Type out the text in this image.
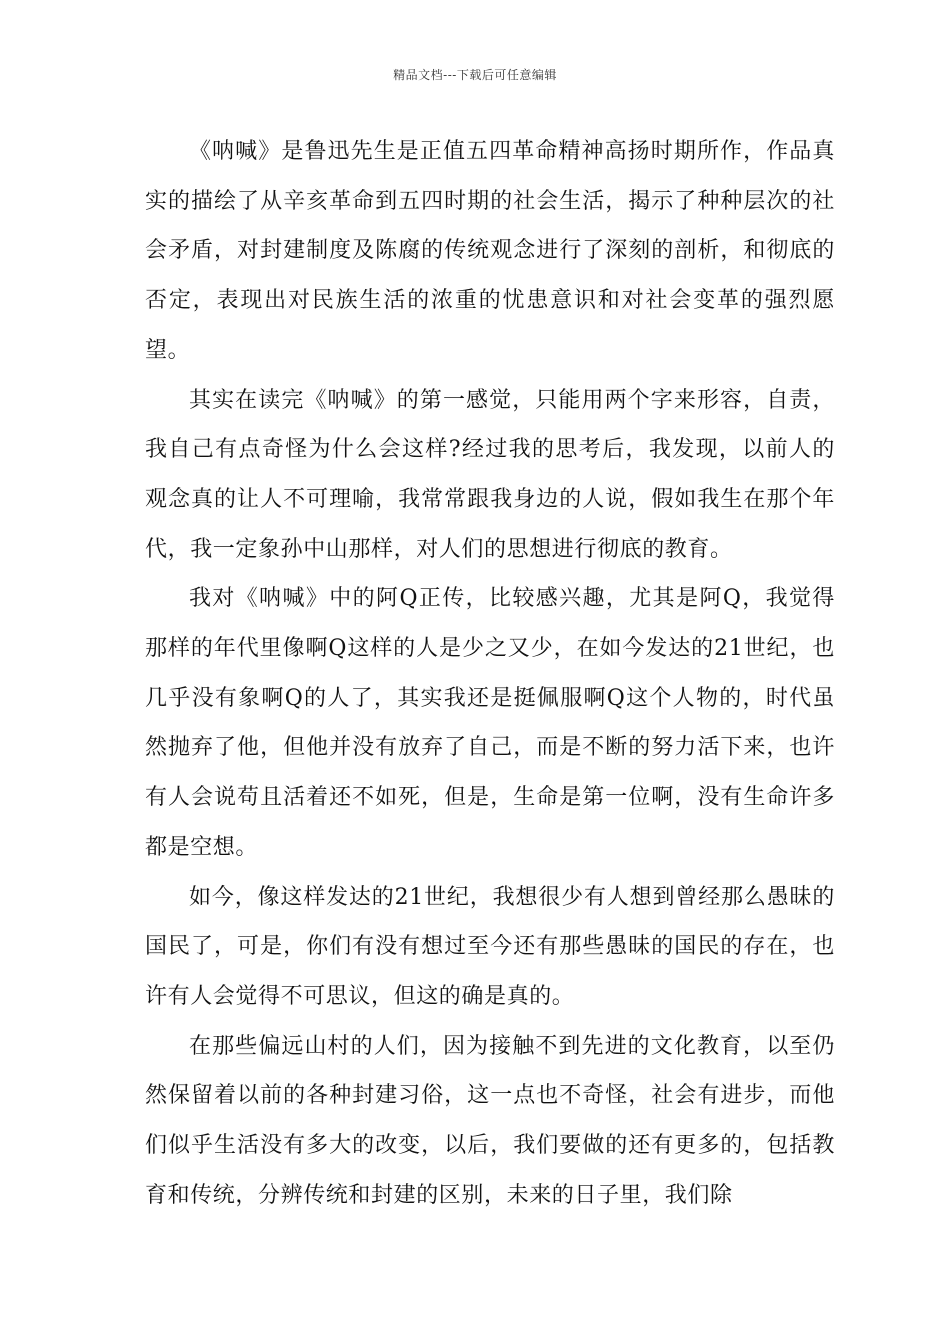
精品文档---下载后可任意编辑

《呐喊》是鲁迅先生是正值五四革命精神高扬时期所作，作品真实的描绘了从辛亥革命到五四时期的社会生活，揭示了种种层次的社会矛盾，对封建制度及陈腐的传统观念进行了深刻的剖析，和彻底的否定，表现出对民族生活的浓重的忧患意识和对社会变革的强烈愿望。

其实在读完《呐喊》的第一感觉，只能用两个字来形容，自责，我自己有点奇怪为什么会这样?经过我的思考后，我发现，以前人的观念真的让人不可理喻，我常常跟我身边的人说，假如我生在那个年代，我一定象孙中山那样，对人们的思想进行彻底的教育。

我对《呐喊》中的阿Q正传，比较感兴趣，尤其是阿Q，我觉得那样的年代里像啊Q这样的人是少之又少，在如今发达的21世纪，也几乎没有象啊Q的人了，其实我还是挺佩服啊Q这个人物的，时代虽然抛弃了他，但他并没有放弃了自己，而是不断的努力活下来，也许有人会说苟且活着还不如死，但是，生命是第一位啊，没有生命许多都是空想。

如今，像这样发达的21世纪，我想很少有人想到曾经那么愚昧的国民了，可是，你们有没有想过至今还有那些愚昧的国民的存在，也许有人会觉得不可思议，但这的确是真的。

在那些偏远山村的人们，因为接触不到先进的文化教育，以至仍然保留着以前的各种封建习俗，这一点也不奇怪，社会有进步，而他们似乎生活没有多大的改变，以后，我们要做的还有更多的，包括教育和传统，分辨传统和封建的区别，未来的日子里，我们除
